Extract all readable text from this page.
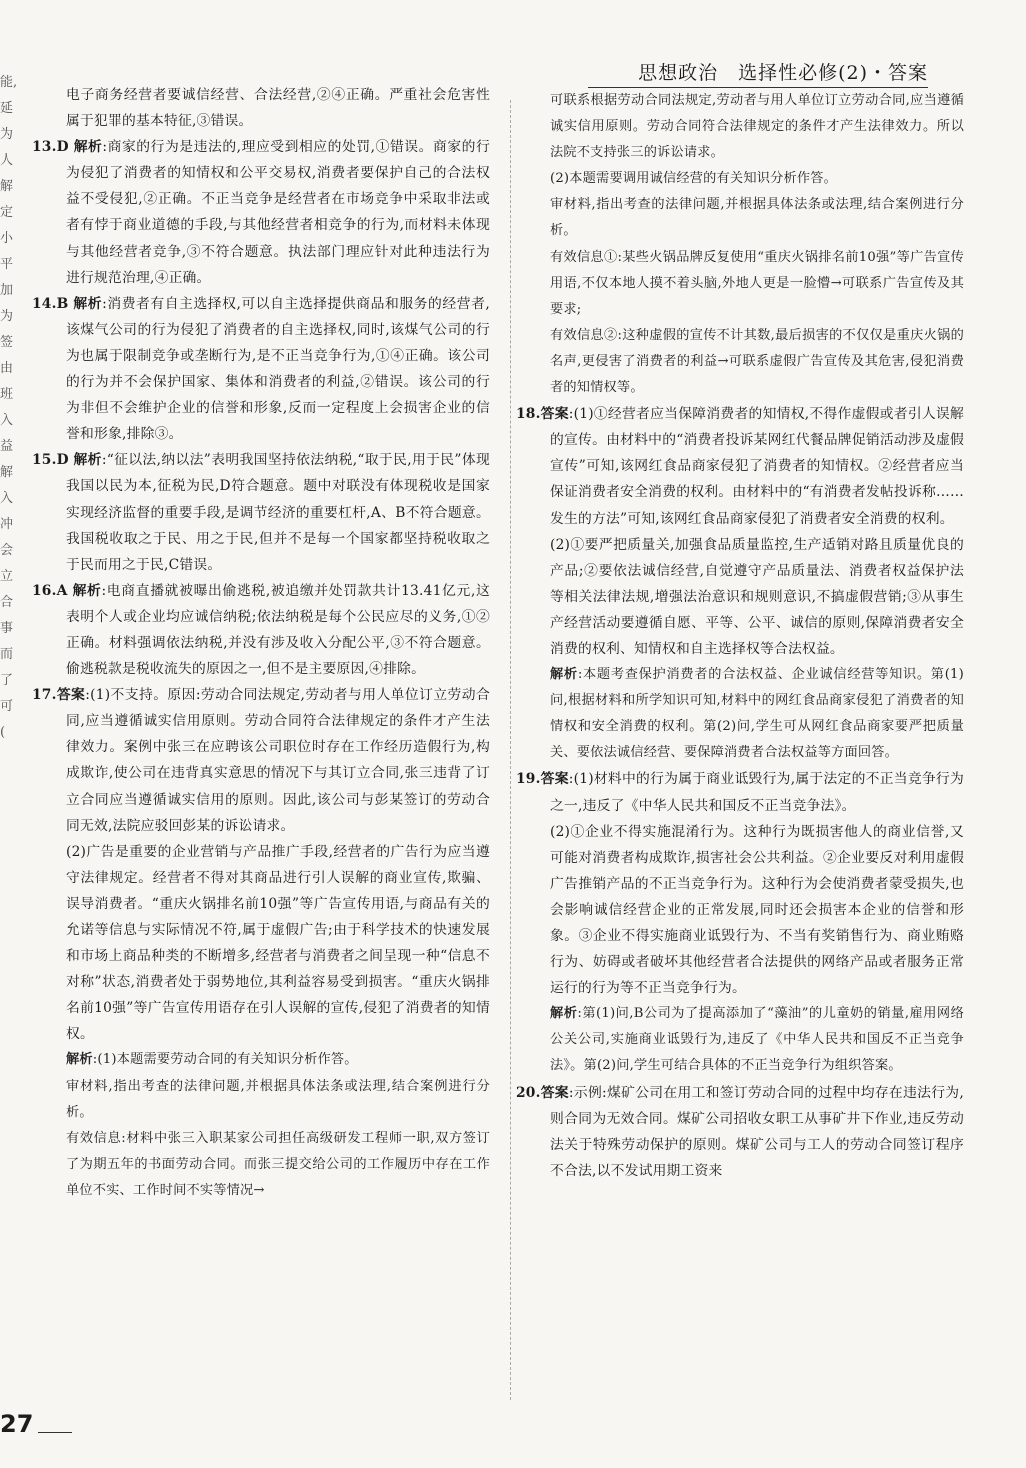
思想政治　选择性必修(2)・答案
能,
延
为
人
解
定
小
平
加
为
签
由
班
入
益
解
入
冲
会
立
合
事
而
了
可
(

电子商务经营者要诚信经营、合法经营,②④正确。严重社会危害性属于犯罪的基本特征,③错误。

13.D 解析:商家的行为是违法的,理应受到相应的处罚,①错误。商家的行为侵犯了消费者的知情权和公平交易权,消费者要保护自己的合法权益不受侵犯,②正确。不正当竞争是经营者在市场竞争中采取非法或者有悖于商业道德的手段,与其他经营者相竞争的行为,而材料未体现与其他经营者竞争,③不符合题意。执法部门理应针对此种违法行为进行规范治理,④正确。

14.B 解析:消费者有自主选择权,可以自主选择提供商品和服务的经营者,该煤气公司的行为侵犯了消费者的自主选择权,同时,该煤气公司的行为也属于限制竞争或垄断行为,是不正当竞争行为,①④正确。该公司的行为并不会保护国家、集体和消费者的利益,②错误。该公司的行为非但不会维护企业的信誉和形象,反而一定程度上会损害企业的信誉和形象,排除③。

15.D 解析:“征以法,纳以法”表明我国坚持依法纳税,“取于民,用于民”体现我国以民为本,征税为民,D符合题意。题中对联没有体现税收是国家实现经济监督的重要手段,是调节经济的重要杠杆,A、B不符合题意。我国税收取之于民、用之于民,但并不是每一个国家都坚持税收取之于民而用之于民,C错误。

16.A 解析:电商直播就被曝出偷逃税,被追缴并处罚款共计13.41亿元,这表明个人或企业均应诚信纳税;依法纳税是每个公民应尽的义务,①②正确。材料强调依法纳税,并没有涉及收入分配公平,③不符合题意。偷逃税款是税收流失的原因之一,但不是主要原因,④排除。

17.答案:(1)不支持。原因:劳动合同法规定,劳动者与用人单位订立劳动合同,应当遵循诚实信用原则。劳动合同符合法律规定的条件才产生法律效力。案例中张三在应聘该公司职位时存在工作经历造假行为,构成欺诈,使公司在违背真实意思的情况下与其订立合同,张三违背了订立合同应当遵循诚实信用的原则。因此,该公司与彭某签订的劳动合同无效,法院应驳回彭某的诉讼请求。

(2)广告是重要的企业营销与产品推广手段,经营者的广告行为应当遵守法律规定。经营者不得对其商品进行引人误解的商业宣传,欺骗、误导消费者。“重庆火锅排名前10强”等广告宣传用语,与商品有关的允诺等信息与实际情况不符,属于虚假广告;由于科学技术的快速发展和市场上商品种类的不断增多,经营者与消费者之间呈现一种“信息不对称”状态,消费者处于弱势地位,其利益容易受到损害。“重庆火锅排名前10强”等广告宣传用语存在引人误解的宣传,侵犯了消费者的知情权。

解析:(1)本题需要劳动合同的有关知识分析作答。

审材料,指出考查的法律问题,并根据具体法条或法理,结合案例进行分析。

有效信息:材料中张三入职某家公司担任高级研发工程师一职,双方签订了为期五年的书面劳动合同。而张三提交给公司的工作履历中存在工作单位不实、工作时间不实等情况→

可联系根据劳动合同法规定,劳动者与用人单位订立劳动合同,应当遵循诚实信用原则。劳动合同符合法律规定的条件才产生法律效力。所以法院不支持张三的诉讼请求。

(2)本题需要调用诚信经营的有关知识分析作答。

审材料,指出考查的法律问题,并根据具体法条或法理,结合案例进行分析。

有效信息①:某些火锅品牌反复使用“重庆火锅排名前10强”等广告宣传用语,不仅本地人摸不着头脑,外地人更是一脸懵→可联系广告宣传及其要求;

有效信息②:这种虚假的宣传不计其数,最后损害的不仅仅是重庆火锅的名声,更侵害了消费者的利益→可联系虚假广告宣传及其危害,侵犯消费者的知情权等。

18.答案:(1)①经营者应当保障消费者的知情权,不得作虚假或者引人误解的宣传。由材料中的“消费者投诉某网红代餐品牌促销活动涉及虚假宣传”可知,该网红食品商家侵犯了消费者的知情权。②经营者应当保证消费者安全消费的权利。由材料中的“有消费者发帖投诉称……发生的方法”可知,该网红食品商家侵犯了消费者安全消费的权利。

(2)①要严把质量关,加强食品质量监控,生产适销对路且质量优良的产品;②要依法诚信经营,自觉遵守产品质量法、消费者权益保护法等相关法律法规,增强法治意识和规则意识,不搞虚假营销;③从事生产经营活动要遵循自愿、平等、公平、诚信的原则,保障消费者安全消费的权利、知情权和自主选择权等合法权益。

解析:本题考查保护消费者的合法权益、企业诚信经营等知识。第(1)问,根据材料和所学知识可知,材料中的网红食品商家侵犯了消费者的知情权和安全消费的权利。第(2)问,学生可从网红食品商家要严把质量关、要依法诚信经营、要保障消费者合法权益等方面回答。

19.答案:(1)材料中的行为属于商业诋毁行为,属于法定的不正当竞争行为之一,违反了《中华人民共和国反不正当竞争法》。

(2)①企业不得实施混淆行为。这种行为既损害他人的商业信誉,又可能对消费者构成欺诈,损害社会公共利益。②企业要反对利用虚假广告推销产品的不正当竞争行为。这种行为会使消费者蒙受损失,也会影响诚信经营企业的正常发展,同时还会损害本企业的信誉和形象。③企业不得实施商业诋毁行为、不当有奖销售行为、商业贿赂行为、妨碍或者破坏其他经营者合法提供的网络产品或者服务正常运行的行为等不正当竞争行为。

解析:第(1)问,B公司为了提高添加了“藻油”的儿童奶的销量,雇用网络公关公司,实施商业诋毁行为,违反了《中华人民共和国反不正当竞争法》。第(2)问,学生可结合具体的不正当竞争行为组织答案。

20.答案:示例:煤矿公司在用工和签订劳动合同的过程中均存在违法行为,则合同为无效合同。煤矿公司招收女职工从事矿井下作业,违反劳动法关于特殊劳动保护的原则。煤矿公司与工人的劳动合同签订程序不合法,以不发试用期工资来

27
